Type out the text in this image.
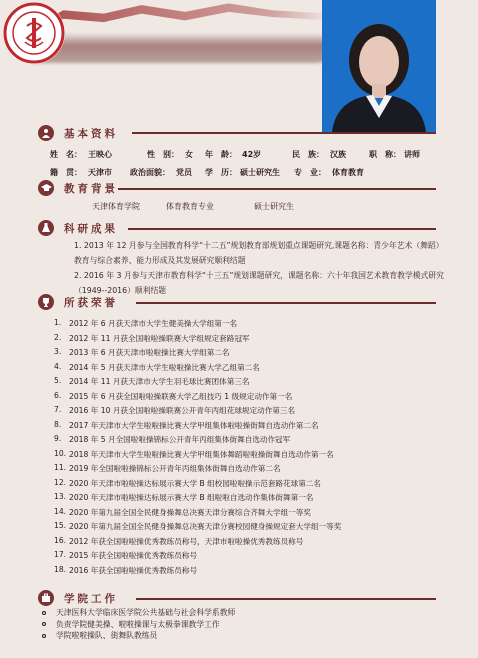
基本资料
姓　名： 王映心	性　别： 女 年　龄： 42岁	民　族： 汉族	职　称： 讲师
籍　贯： 天津市 政治面貌： 党员 学　历： 硕士研究生 专　业： 体育教育
教育背景
天津体育学院	体育教育专业	硕士研究生
科研成果
1. 2013 年 12 月参与全国教育科学“十二五”规划教育部规划重点课题研究,课题名称：青少年艺术（舞蹈）教育与综合素养、能力形成及其发展研究顺利结题
2. 2016 年 3 月参与天津市教育科学“十三五”规划课题研究，课题名称：六十年我国艺术教育教学模式研究（1949--2016）顺利结题
所获荣誉
1.	2012 年 6 月获天津市大学生健美操大学组第一名
2.	2012 年 11 月获全国啦啦操联赛大学组规定套路冠军
3.	2013 年 6 月获天津市啦啦操比赛大学组第二名
4.	2014 年 5 月获天津市大学生啦啦操比赛大学乙组第二名
5.	2014 年 11 月获天津市大学生羽毛球比赛团体第三名
6.	2015 年 6 月获全国啦啦操联赛大学乙组技巧 1 级规定动作第一名
7.	2016 年 10 月获全国啦啦操联赛公开青年丙组花球规定动作第三名
8.	2017 年天津市大学生啦啦操比赛大学甲组集体啦啦操街舞自选动作第二名
9.	2018 年 5 月全国啦啦操锦标公开青年丙组集体街舞自选动作冠军
10. 2018 年天津市大学生啦啦操比赛大学甲组集体舞蹈啦啦操街舞自选动作第一名
11. 2019 年全国啦啦操锦标公开青年丙组集体街舞自选动作第二名
12. 2020 年天津市啦啦操达标展示赛大学 B 组校园啦啦操示范套路花球第二名
13. 2020 年天津市啦啦操达标展示赛大学 B 组啦啦自选动作集体街舞第一名
14. 2020 年第九届全国全民健身操舞总决赛天津分赛综合齐舞大学组一等奖
15. 2020 年第九届全国全民健身操舞总决赛天津分赛校园健身操规定套大学组一等奖
16. 2012 年获全国啦啦操优秀教练员称号，天津市啦啦操优秀教练员称号
17. 2015 年获全国啦啦操优秀教练员称号
18. 2016 年获全国啦啦操优秀教练员称号
学院工作
天津医科大学临床医学院公共基础与社会科学系教师
负责学院健美操、啦啦操课与太极拳课教学工作
学院啦啦操队、街舞队教练员
